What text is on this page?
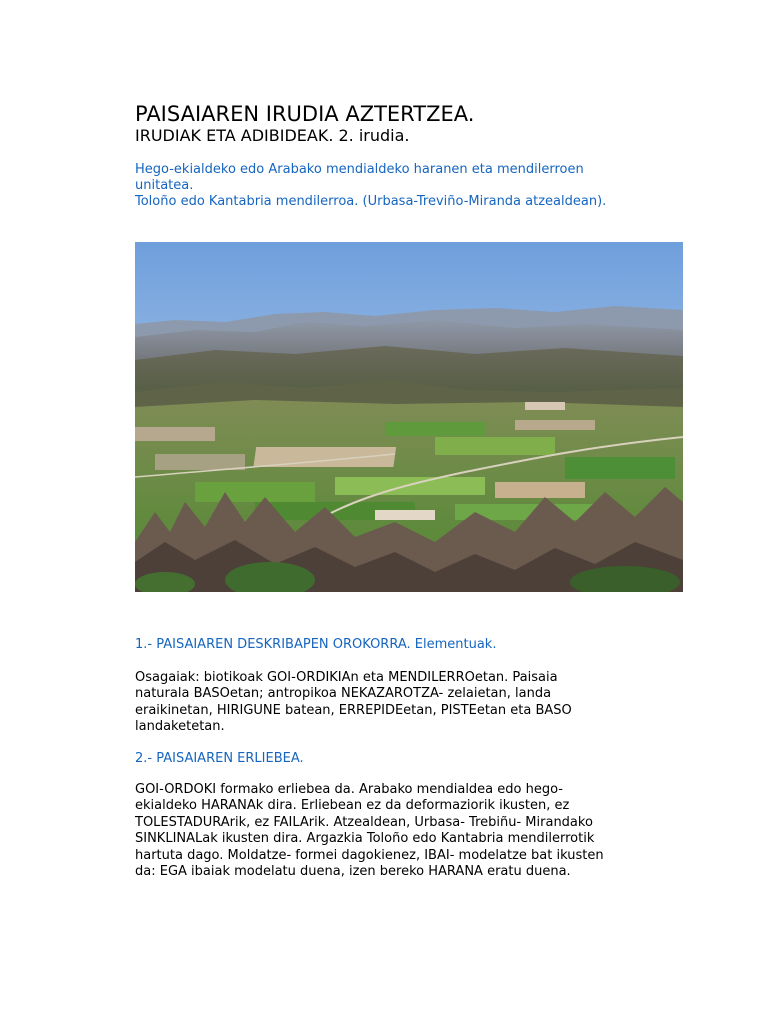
PAISAIAREN IRUDIA AZTERTZEA.
IRUDIAK ETA ADIBIDEAK. 2. irudia.

Hego-ekialdeko edo Arabako mendialdeko haranen eta mendilerroen

unitatea.

Toloño edo Kantabria mendilerroa. (Urbasa-Treviño-Miranda atzealdean).

1.- PAISAIAREN DESKRIBAPEN OROKORRA. Elementuak.

Osagaiak: biotikoak GOI-ORDIKIAn eta MENDILERROetan. Paisaia
naturala BASOetan; antropikoa NEKAZAROTZA- zelaietan, landa
eraikinetan, HIRIGUNE batean, ERREPIDEetan, PISTEetan eta BASO
landaketetan.

2.- PAISAIAREN ERLIEBEA.

GOI-ORDOKI formako erliebea da. Arabako mendialdea edo hego-
ekialdeko HARANAk dira. Erliebean ez da deformaziorik ikusten, ez
TOLESTADURArik, ez FAILArik. Atzealdean, Urbasa- Trebiñu- Mirandako
SINKLINALak ikusten dira. Argazkia Toloño edo Kantabria mendilerrotik
hartuta dago. Moldatze- formei dagokienez, IBAI- modelatze bat ikusten
da: EGA ibaiak modelatu duena, izen bereko HARANA eratu duena.
